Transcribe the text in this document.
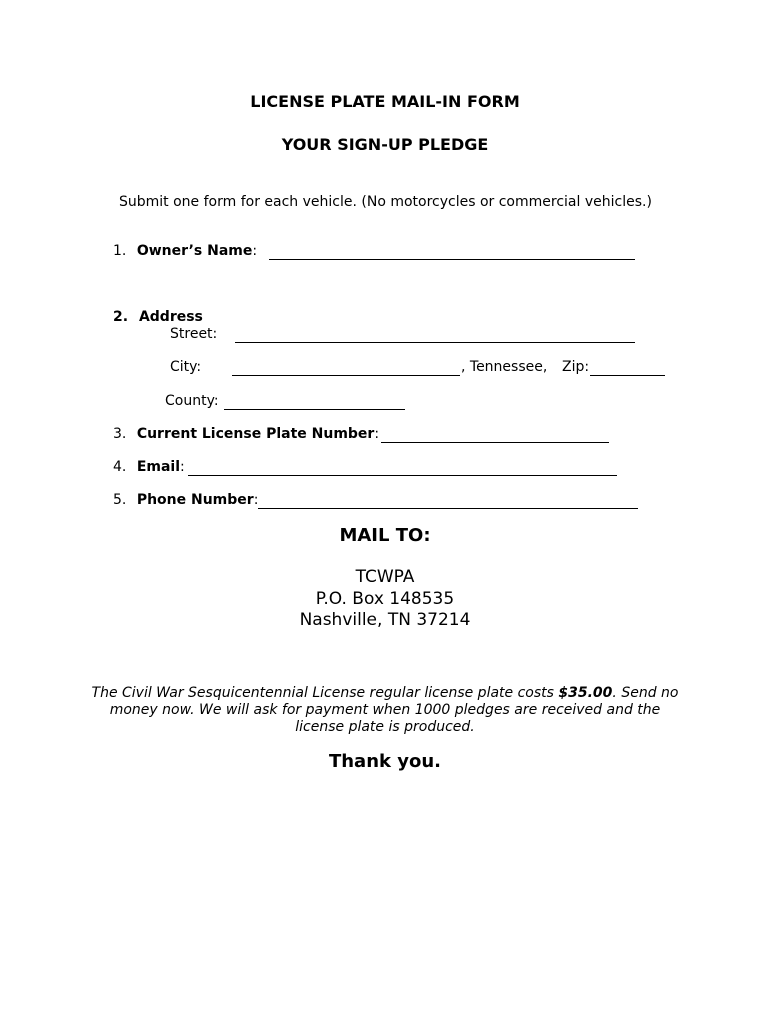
LICENSE PLATE MAIL-IN FORM
YOUR SIGN-UP PLEDGE
Submit one form for each vehicle. (No motorcycles or commercial vehicles.)
1. Owner’s Name:
2. Address
Street:
City:	, Tennessee, Zip:
County:
3. Current License Plate Number:
4. Email:
5. Phone Number:
MAIL TO:
TCWPA
P.O. Box 148535
Nashville, TN 37214
The Civil War Sesquicentennial License regular license plate costs $35.00. Send no
money now. We will ask for payment when 1000 pledges are received and the
license plate is produced.
Thank you.
